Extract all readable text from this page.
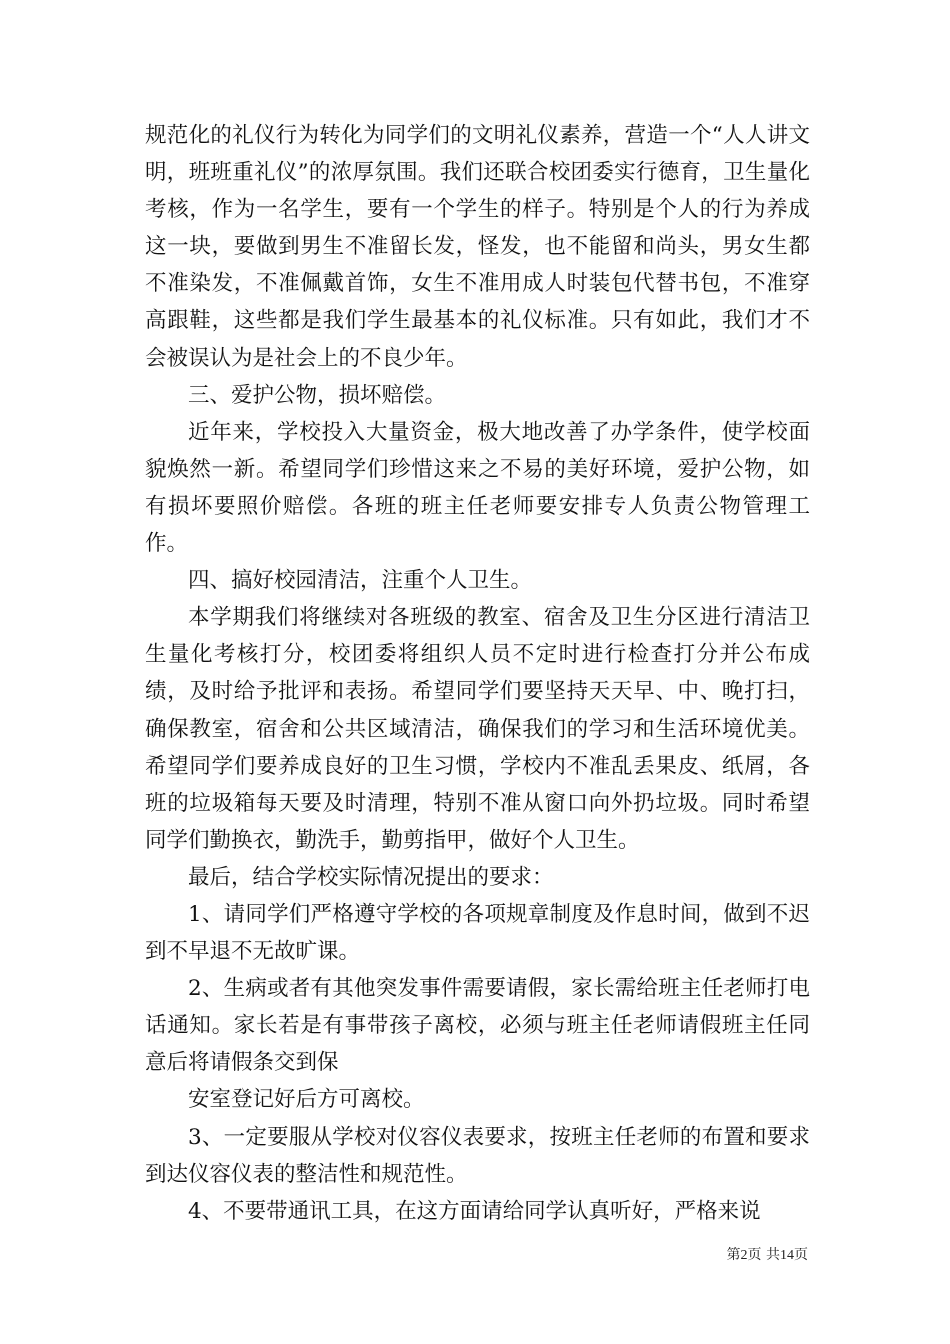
规范化的礼仪行为转化为同学们的文明礼仪素养，营造一个“人人讲文明，班班重礼仪”的浓厚氛围。我们还联合校团委实行德育，卫生量化考核，作为一名学生，要有一个学生的样子。特别是个人的行为养成这一块，要做到男生不准留长发，怪发，也不能留和尚头，男女生都不准染发，不准佩戴首饰，女生不准用成人时装包代替书包，不准穿高跟鞋，这些都是我们学生最基本的礼仪标准。只有如此，我们才不会被误认为是社会上的不良少年。

三、爱护公物，损坏赔偿。

近年来，学校投入大量资金，极大地改善了办学条件，使学校面貌焕然一新。希望同学们珍惜这来之不易的美好环境，爱护公物，如有损坏要照价赔偿。各班的班主任老师要安排专人负责公物管理工作。

四、搞好校园清洁，注重个人卫生。

本学期我们将继续对各班级的教室、宿舍及卫生分区进行清洁卫生量化考核打分，校团委将组织人员不定时进行检查打分并公布成绩，及时给予批评和表扬。希望同学们要坚持天天早、中、晚打扫，确保教室，宿舍和公共区域清洁，确保我们的学习和生活环境优美。希望同学们要养成良好的卫生习惯，学校内不准乱丢果皮、纸屑，各班的垃圾箱每天要及时清理，特别不准从窗口向外扔垃圾。同时希望同学们勤换衣，勤洗手，勤剪指甲，做好个人卫生。

最后，结合学校实际情况提出的要求：

1、请同学们严格遵守学校的各项规章制度及作息时间，做到不迟到不早退不无故旷课。

2、生病或者有其他突发事件需要请假，家长需给班主任老师打电话通知。家长若是有事带孩子离校，必须与班主任老师请假班主任同意后将请假条交到保

安室登记好后方可离校。

3、一定要服从学校对仪容仪表要求，按班主任老师的布置和要求到达仪容仪表的整洁性和规范性。

4、不要带通讯工具，在这方面请给同学认真听好，严格来说

第2页 共14页
